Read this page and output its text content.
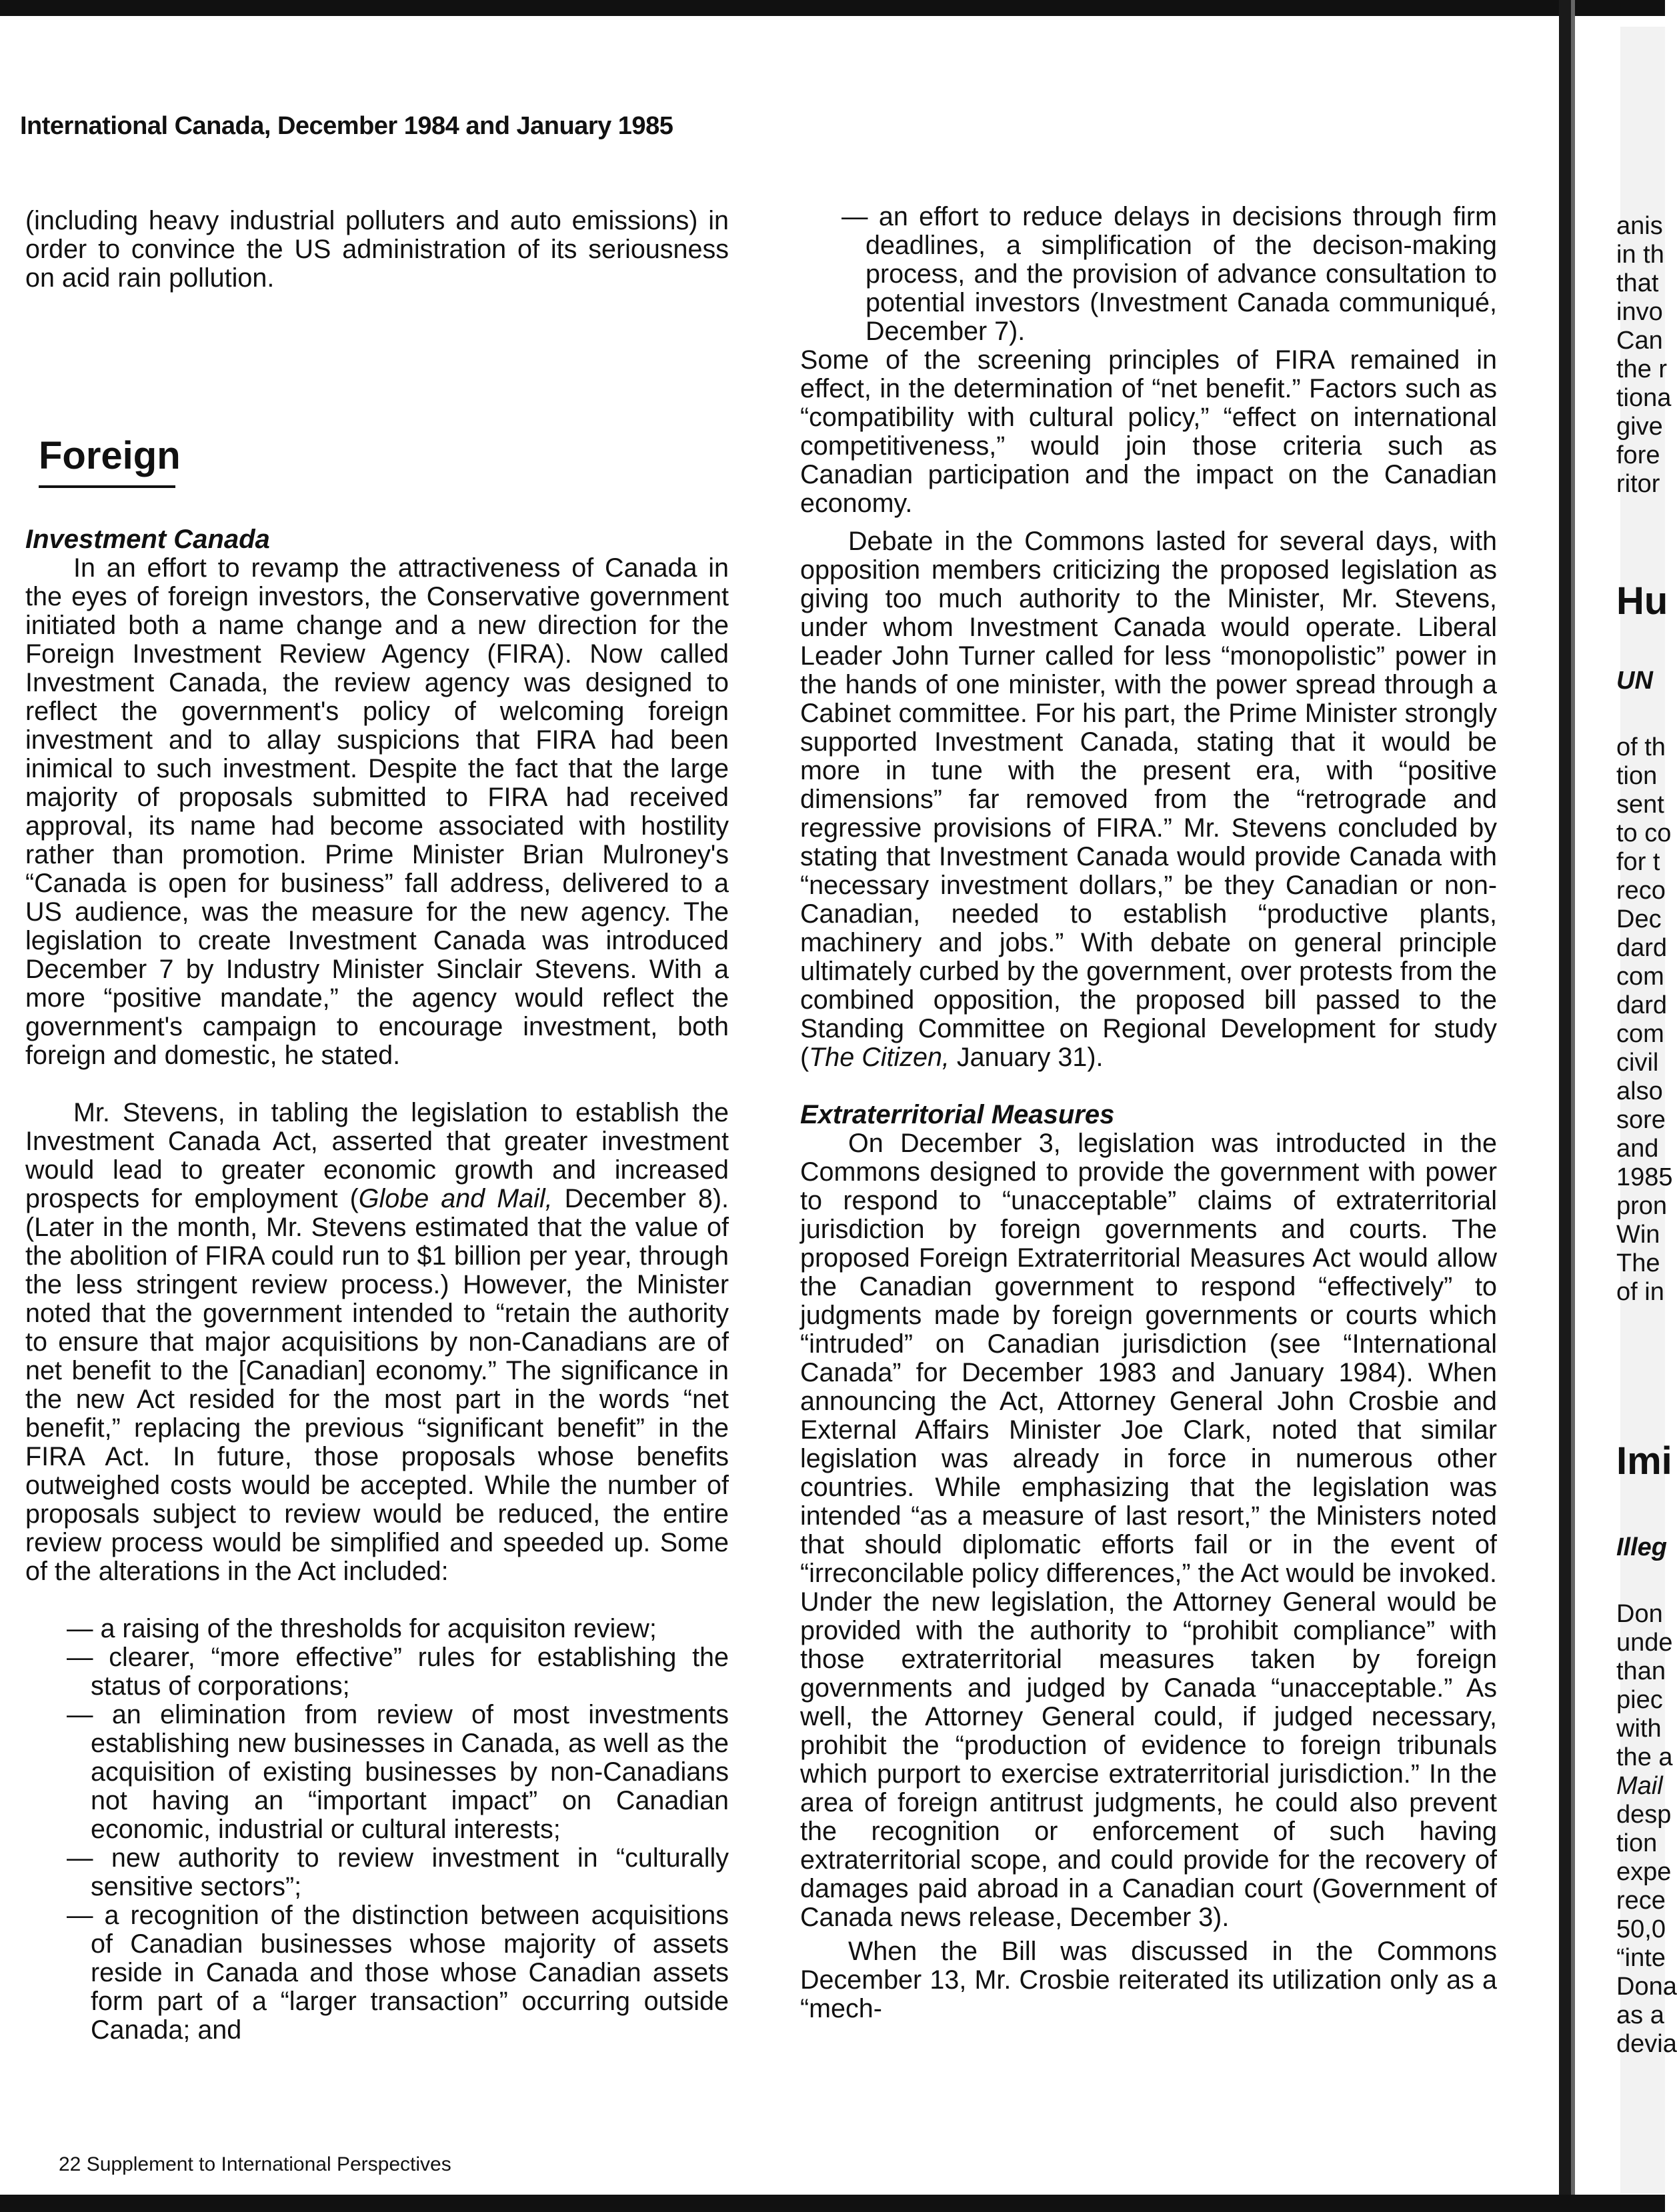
International Canada, December 1984 and January 1985

(including heavy industrial polluters and auto emissions) in order to convince the US administration of its seriousness on acid rain pollution.

Foreign

Investment Canada

In an effort to revamp the attractiveness of Canada in the eyes of foreign investors, the Conservative government initiated both a name change and a new direction for the Foreign Investment Review Agency (FIRA). Now called Investment Canada, the review agency was designed to reflect the government's policy of welcoming foreign investment and to allay suspicions that FIRA had been inimical to such investment. Despite the fact that the large majority of proposals submitted to FIRA had received approval, its name had become associated with hostility rather than promotion. Prime Minister Brian Mulroney's “Canada is open for business” fall address, delivered to a US audience, was the measure for the new agency. The legislation to create Investment Canada was introduced December 7 by Industry Minister Sinclair Stevens. With a more “positive mandate,” the agency would reflect the government's campaign to encourage investment, both foreign and domestic, he stated.

Mr. Stevens, in tabling the legislation to establish the Investment Canada Act, asserted that greater investment would lead to greater economic growth and increased prospects for employment (Globe and Mail, December 8). (Later in the month, Mr. Stevens estimated that the value of the abolition of FIRA could run to $1 billion per year, through the less stringent review process.) However, the Minister noted that the government intended to “retain the authority to ensure that major acquisitions by non-Canadians are of net benefit to the [Canadian] economy.” The significance in the new Act resided for the most part in the words “net benefit,” replacing the previous “significant benefit” in the FIRA Act. In future, those proposals whose benefits outweighed costs would be accepted. While the number of proposals subject to review would be reduced, the entire review process would be simplified and speeded up. Some of the alterations in the Act included:

— a raising of the thresholds for acquisiton review;
— clearer, “more effective” rules for establishing the status of corporations;
— an elimination from review of most investments establishing new businesses in Canada, as well as the acquisition of existing businesses by non-Canadians not having an “important impact” on Canadian economic, industrial or cultural interests;
— new authority to review investment in “culturally sensitive sectors”;
— a recognition of the distinction between acquisitions of Canadian businesses whose majority of assets reside in Canada and those whose Canadian assets form part of a “larger transaction” occurring outside Canada; and
— an effort to reduce delays in decisions through firm deadlines, a simplification of the decison-making process, and the provision of advance consultation to potential investors (Investment Canada communiqué, December 7).

Some of the screening principles of FIRA remained in effect, in the determination of “net benefit.” Factors such as “compatibility with cultural policy,” “effect on international competitiveness,” would join those criteria such as Canadian participation and the impact on the Canadian economy.

Debate in the Commons lasted for several days, with opposition members criticizing the proposed legislation as giving too much authority to the Minister, Mr. Stevens, under whom Investment Canada would operate. Liberal Leader John Turner called for less “monopolistic” power in the hands of one minister, with the power spread through a Cabinet committee. For his part, the Prime Minister strongly supported Investment Canada, stating that it would be more in tune with the present era, with “positive dimensions” far removed from the “retrograde and regressive provisions of FIRA.” Mr. Stevens concluded by stating that Investment Canada would provide Canada with “necessary investment dollars,” be they Canadian or non-Canadian, needed to establish “productive plants, machinery and jobs.” With debate on general principle ultimately curbed by the government, over protests from the combined opposition, the proposed bill passed to the Standing Committee on Regional Development for study (The Citizen, January 31).

Extraterritorial Measures

On December 3, legislation was introducted in the Commons designed to provide the government with power to respond to “unacceptable” claims of extraterritorial jurisdiction by foreign governments and courts. The proposed Foreign Extraterritorial Measures Act would allow the Canadian government to respond “effectively” to judgments made by foreign governments or courts which “intruded” on Canadian jurisdiction (see “International Canada” for December 1983 and January 1984). When announcing the Act, Attorney General John Crosbie and External Affairs Minister Joe Clark, noted that similar legislation was already in force in numerous other countries. While emphasizing that the legislation was intended “as a measure of last resort,” the Ministers noted that should diplomatic efforts fail or in the event of “irreconcilable policy differences,” the Act would be invoked. Under the new legislation, the Attorney General would be provided with the authority to “prohibit compliance” with those extraterritorial measures taken by foreign governments and judged by Canada “unacceptable.” As well, the Attorney General could, if judged necessary, prohibit the “production of evidence to foreign tribunals which purport to exercise extraterritorial jurisdiction.” In the area of foreign antitrust judgments, he could also prevent the recognition or enforcement of such having extraterritorial scope, and could provide for the recovery of damages paid abroad in a Canadian court (Government of Canada news release, December 3).

When the Bill was discussed in the Commons December 13, Mr. Crosbie reiterated its utilization only as a “mech-

anis
in th
that
invo
Can
the r
tiona
give
fore
ritor
Hu
UN
of th
tion
sent
to co
for t
reco
Dec
dard
com
dard
com
civil
also
sore
and
1985
pron
Win
The
of in
Imi
Illeg
Don
unde
than
piec
with
the a
Mail
desp
tion
expe
rece
50,0
“inte
Dona
as a
devia
22 Supplement to International Perspectives
